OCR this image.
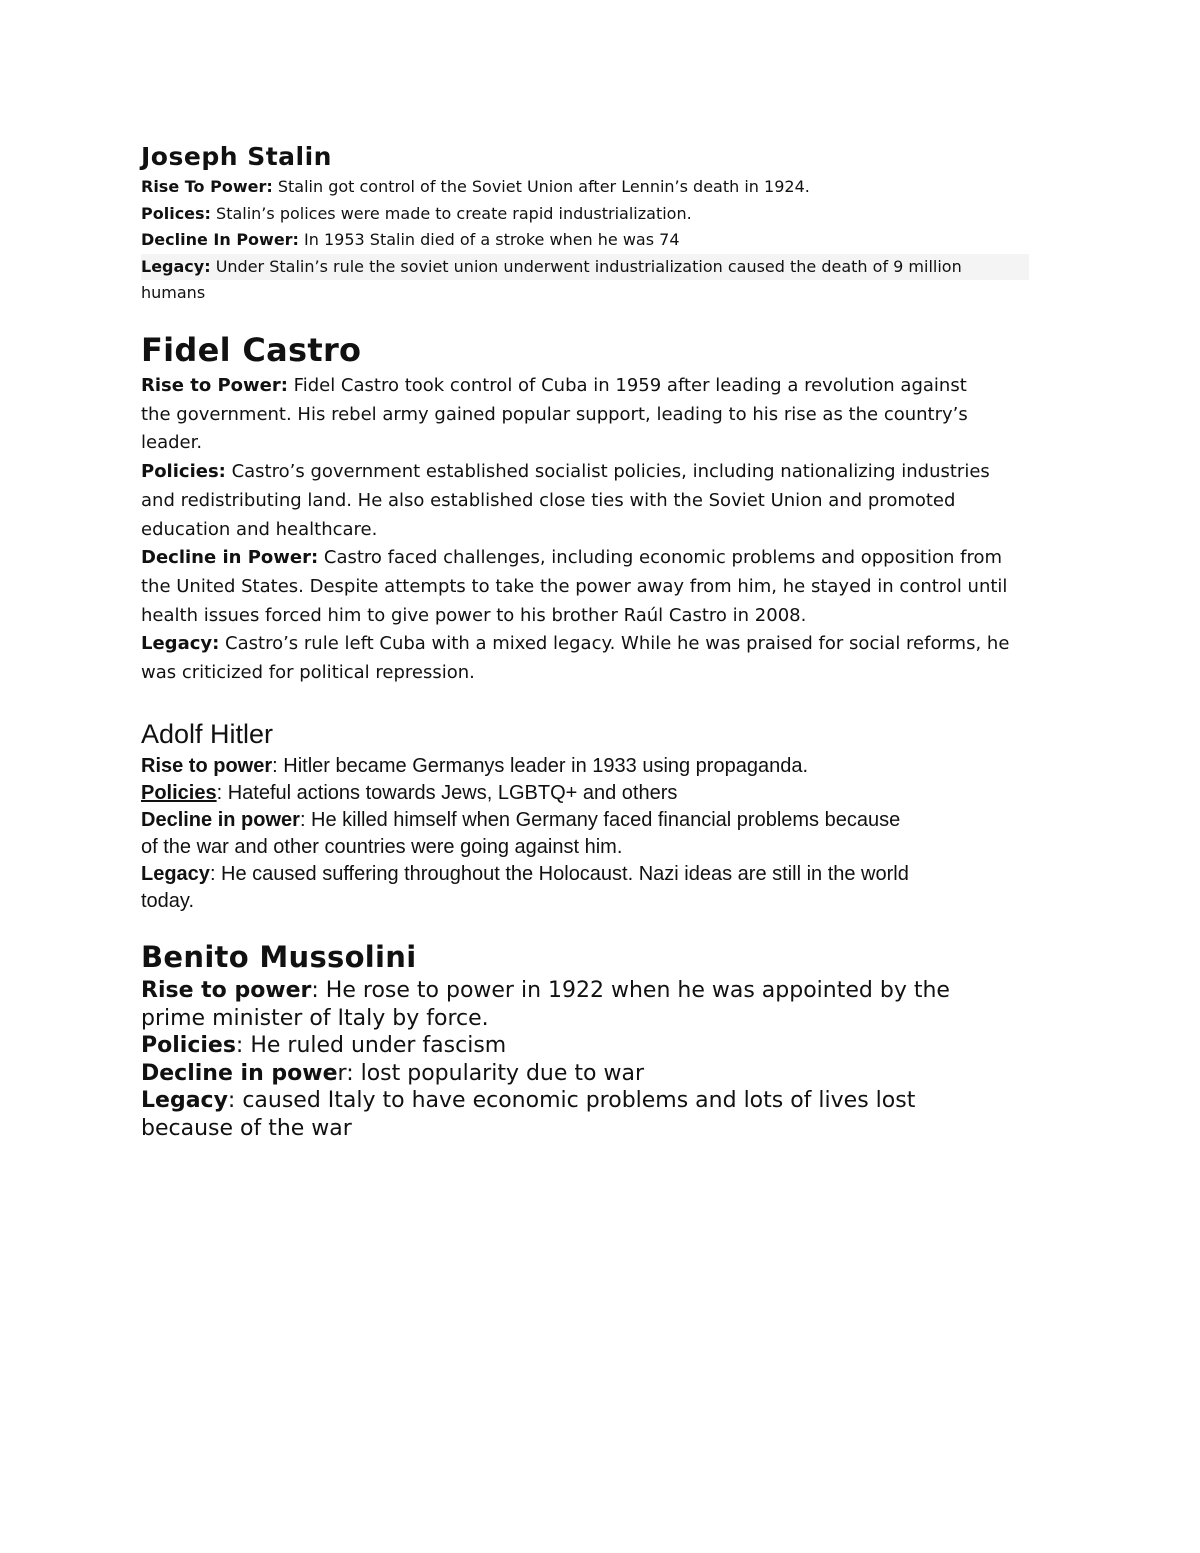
Joseph Stalin
Rise To Power: Stalin got control of the Soviet Union after Lennin’s death in 1924.
Polices: Stalin’s polices were made to create rapid industrialization.
Decline In Power: In 1953 Stalin died of a stroke when he was 74
Legacy: Under Stalin’s rule the soviet union underwent industrialization caused the death of 9 million
humans
Fidel Castro
Rise to Power: Fidel Castro took control of Cuba in 1959 after leading a revolution against
the government. His rebel army gained popular support, leading to his rise as the country’s
leader.
Policies: Castro’s government established socialist policies, including nationalizing industries
and redistributing land. He also established close ties with the Soviet Union and promoted
education and healthcare.
Decline in Power: Castro faced challenges, including economic problems and opposition from
the United States. Despite attempts to take the power away from him, he stayed in control until
health issues forced him to give power to his brother Raúl Castro in 2008.
Legacy: Castro’s rule left Cuba with a mixed legacy. While he was praised for social reforms, he
was criticized for political repression.
Adolf Hitler
Rise to power: Hitler became Germanys leader in 1933 using propaganda.
Policies: Hateful actions towards Jews, LGBTQ+ and others
Decline in power: He killed himself when Germany faced financial problems because
of the war and other countries were going against him.
Legacy: He caused suffering throughout the Holocaust. Nazi ideas are still in the world
today.
Benito Mussolini
Rise to power: He rose to power in 1922 when he was appointed by the
prime minister of Italy by force.
Policies: He ruled under fascism
Decline in power: lost popularity due to war
Legacy: caused Italy to have economic problems and lots of lives lost
because of the war
